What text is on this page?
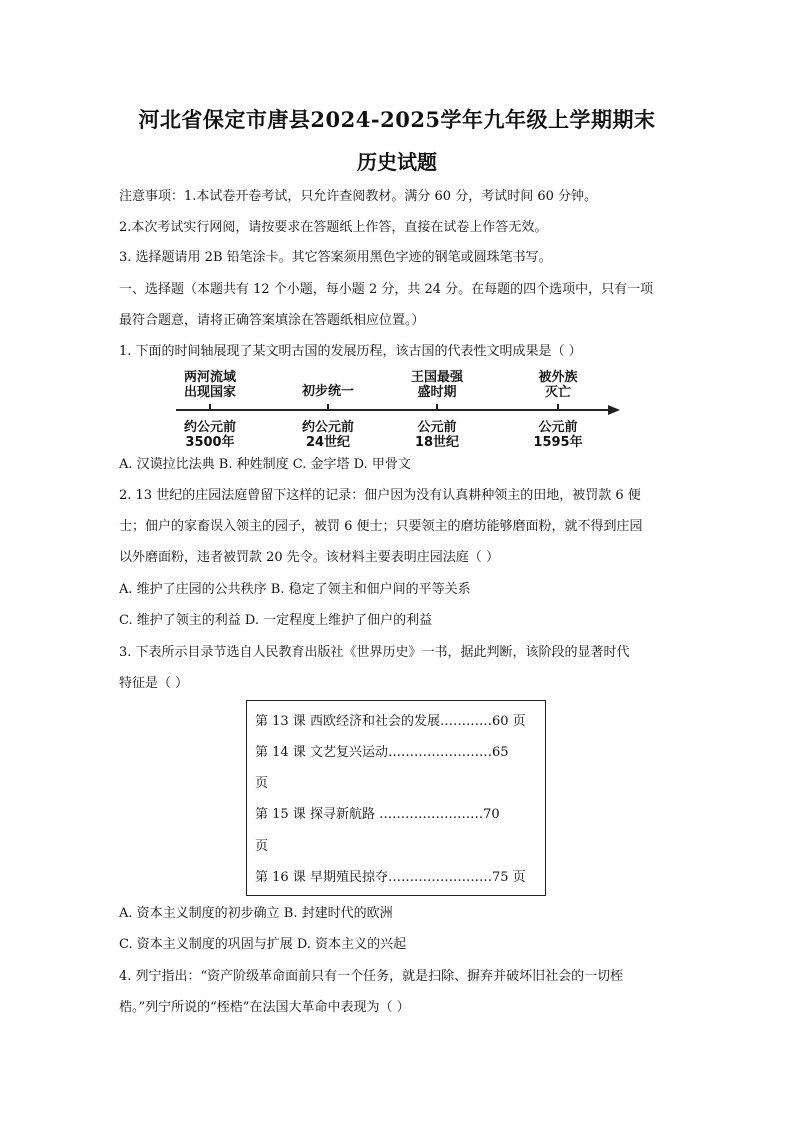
河北省保定市唐县2024-2025学年九年级上学期期末
历史试题
注意事项：1.本试卷开卷考试，只允许查阅教材。满分 60 分，考试时间 60 分钟。
2.本次考试实行网阅，请按要求在答题纸上作答，直接在试卷上作答无效。
3. 选择题请用 2B 铅笔涂卡。其它答案须用黑色字迹的钢笔或圆珠笔书写。
一、选择题（本题共有 12 个小题，每小题 2 分，共 24 分。在每题的四个选项中，只有一项
最符合题意，请将正确答案填涂在答题纸相应位置。）
1. 下面的时间轴展现了某文明古国的发展历程，该古国的代表性文明成果是（ ）
两河流域
出现国家
约公元前
3500年
初步统一
约公元前
24世纪
王国最强
盛时期
公元前
18世纪
被外族
灭亡
公元前
1595年
A. 汉谟拉比法典 B. 种姓制度 C. 金字塔 D. 甲骨文
2. 13 世纪的庄园法庭曾留下这样的记录：佃户因为没有认真耕种领主的田地，被罚款 6 便
士；佃户的家畜误入领主的园子，被罚 6 便士；只要领主的磨坊能够磨面粉，就不得到庄园
以外磨面粉，违者被罚款 20 先令。该材料主要表明庄园法庭（ ）
A. 维护了庄园的公共秩序 B. 稳定了领主和佃户间的平等关系
C. 维护了领主的利益 D. 一定程度上维护了佃户的利益
3. 下表所示目录节选自人民教育出版社《世界历史》一书，据此判断，该阶段的显著时代
特征是（ ）
第 13 课 西欧经济和社会的发展…………60 页
第 14 课 文艺复兴运动……………………65
页
第 15 课 探寻新航路 ……………………70
页
第 16 课 早期殖民掠夺……………………75 页
A. 资本主义制度的初步确立 B. 封建时代的欧洲
C. 资本主义制度的巩固与扩展 D. 资本主义的兴起
4. 列宁指出：“资产阶级革命面前只有一个任务，就是扫除、摒弃并破坏旧社会的一切桎
梏。”列宁所说的“桎梏”在法国大革命中表现为（ ）
